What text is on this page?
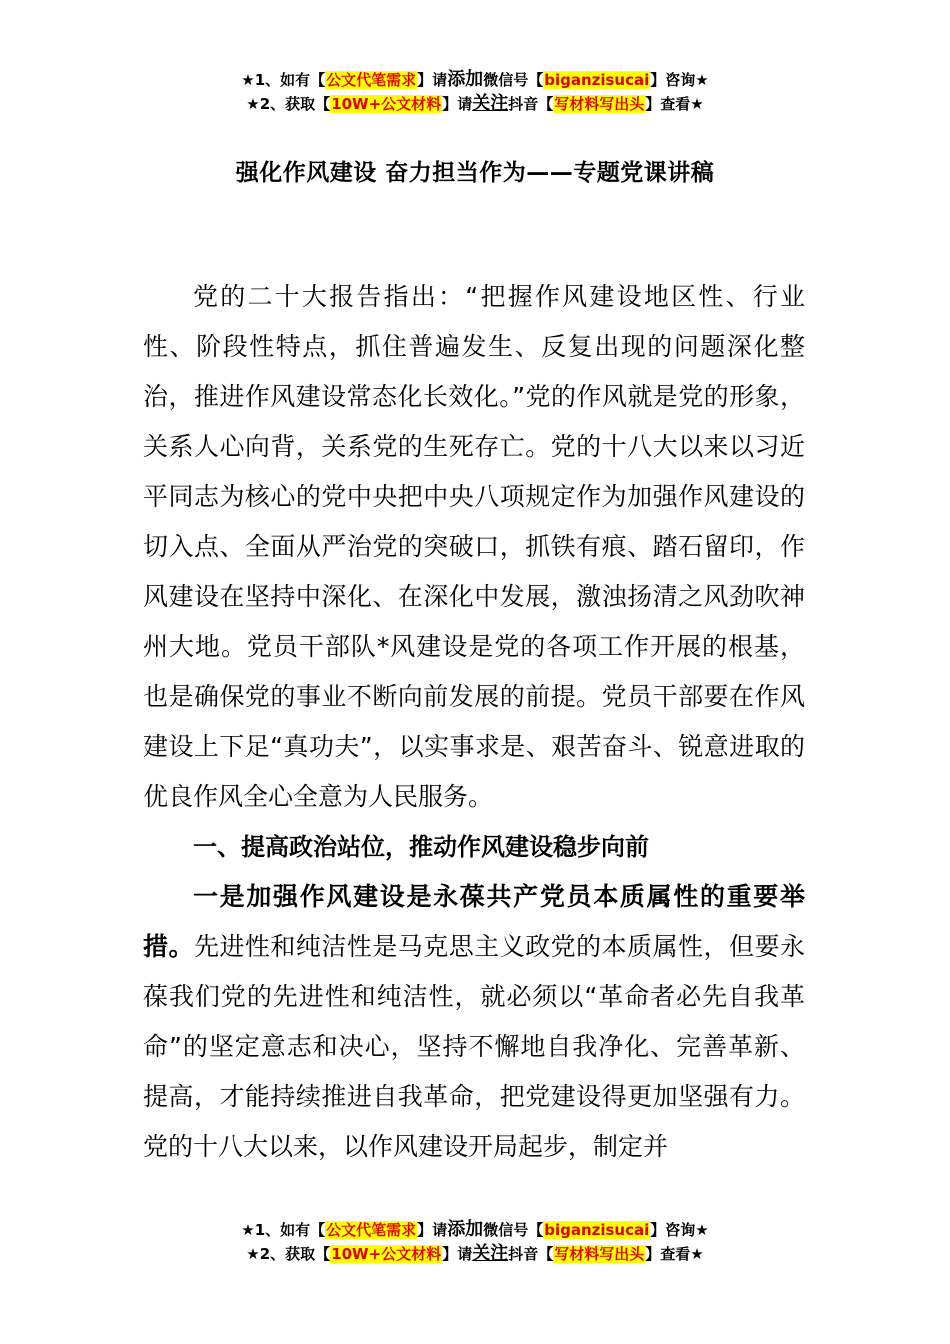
★1、如有【公文代笔需求】请添加微信号【biganzisucai】咨询★
★2、获取【10W+公文材料】请关注抖音【写材料写出头】查看★
强化作风建设 奋力担当作为——专题党课讲稿

党的二十大报告指出：“把握作风建设地区性、行业性、阶段性特点，抓住普遍发生、反复出现的问题深化整治，推进作风建设常态化长效化。”党的作风就是党的形象，关系人心向背，关系党的生死存亡。党的十八大以来以习近平同志为核心的党中央把中央八项规定作为加强作风建设的切入点、全面从严治党的突破口，抓铁有痕、踏石留印，作风建设在坚持中深化、在深化中发展，激浊扬清之风劲吹神州大地。党员干部队*风建设是党的各项工作开展的根基，也是确保党的事业不断向前发展的前提。党员干部要在作风建设上下足“真功夫”，以实事求是、艰苦奋斗、锐意进取的优良作风全心全意为人民服务。

一、提高政治站位，推动作风建设稳步向前

一是加强作风建设是永葆共产党员本质属性的重要举措。先进性和纯洁性是马克思主义政党的本质属性，但要永葆我们党的先进性和纯洁性，就必须以“革命者必先自我革命”的坚定意志和决心，坚持不懈地自我净化、完善革新、提高，才能持续推进自我革命，把党建设得更加坚强有力。党的十八大以来，以作风建设开局起步，制定并

★1、如有【公文代笔需求】请添加微信号【biganzisucai】咨询★
★2、获取【10W+公文材料】请关注抖音【写材料写出头】查看★
